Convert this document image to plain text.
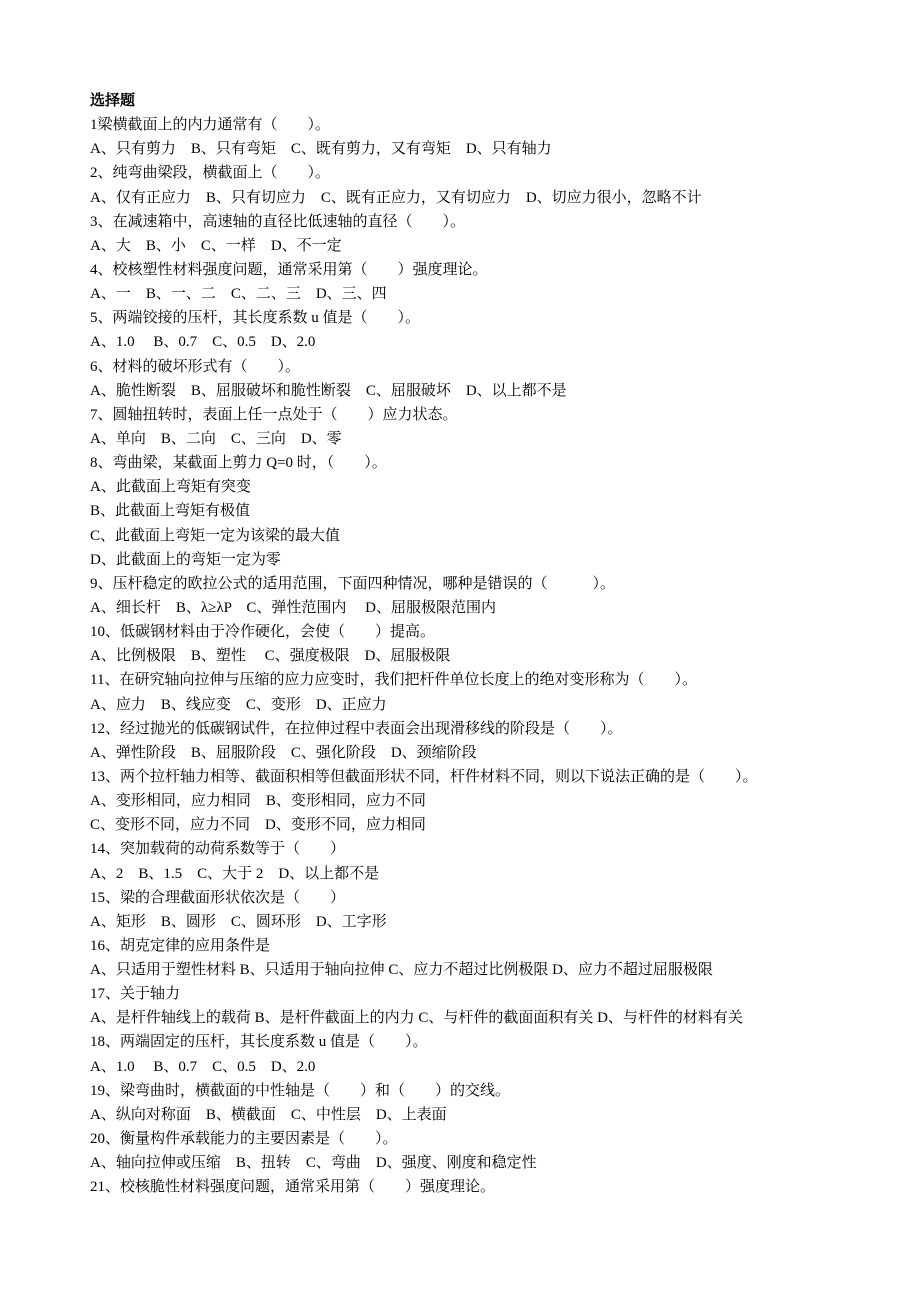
选择题
1梁横截面上的内力通常有（　　）。
A、只有剪力　B、只有弯矩　C、既有剪力，又有弯矩　D、只有轴力
2、纯弯曲梁段，横截面上（　　）。
A、仅有正应力　B、只有切应力　C、既有正应力，又有切应力　D、切应力很小，忽略不计
3、在减速箱中，高速轴的直径比低速轴的直径（　　）。
A、大　B、小　C、一样　D、不一定
4、校核塑性材料强度问题，通常采用第（　　）强度理论。
A、一　B、一、二　C、二、三　D、三、四
5、两端铰接的压杆，其长度系数 u 值是（　　）。
A、1.0　 B、0.7　C、0.5　D、2.0
6、材料的破坏形式有（　　）。
A、脆性断裂　B、屈服破坏和脆性断裂　C、屈服破坏　D、以上都不是
7、圆轴扭转时，表面上任一点处于（　　）应力状态。
A、单向　B、二向　C、三向　D、零
8、弯曲梁，某截面上剪力 Q=0 时，（　　）。
A、此截面上弯矩有突变
B、此截面上弯矩有极值
C、此截面上弯矩一定为该梁的最大值
D、此截面上的弯矩一定为零
9、压杆稳定的欧拉公式的适用范围，下面四种情况，哪种是错误的（　　　）。
A、细长杆　B、λ≥λP　C、弹性范围内　 D、屈服极限范围内
10、低碳钢材料由于冷作硬化，会使（　　）提高。
A、比例极限　B、塑性　 C、强度极限　D、屈服极限
11、在研究轴向拉伸与压缩的应力应变时，我们把杆件单位长度上的绝对变形称为（　　）。
A、应力　B、线应变　C、变形　D、正应力
12、经过抛光的低碳钢试件，在拉伸过程中表面会出现滑移线的阶段是（　　）。
A、弹性阶段　B、屈服阶段　C、强化阶段　D、颈缩阶段
13、两个拉杆轴力相等、截面积相等但截面形状不同，杆件材料不同，则以下说法正确的是（　　）。
A、变形相同，应力相同　B、变形相同，应力不同
C、变形不同，应力不同　D、变形不同，应力相同
14、突加载荷的动荷系数等于（　　）
A、2　B、1.5　C、大于 2　D、以上都不是
15、梁的合理截面形状依次是（　　）
A、矩形　B、圆形　C、圆环形　D、工字形
16、胡克定律的应用条件是
A、只适用于塑性材料 B、只适用于轴向拉伸 C、应力不超过比例极限 D、应力不超过屈服极限
17、关于轴力
A、是杆件轴线上的载荷 B、是杆件截面上的内力 C、与杆件的截面面积有关 D、与杆件的材料有关
18、两端固定的压杆，其长度系数 u 值是（　　）。
A、1.0　 B、0.7　C、0.5　D、2.0
19、梁弯曲时，横截面的中性轴是（　　）和（　　）的交线。
A、纵向对称面　B、横截面　C、中性层　D、上表面
20、衡量构件承载能力的主要因素是（　　）。
A、轴向拉伸或压缩　B、扭转　C、弯曲　D、强度、刚度和稳定性
21、校核脆性材料强度问题，通常采用第（　　）强度理论。
